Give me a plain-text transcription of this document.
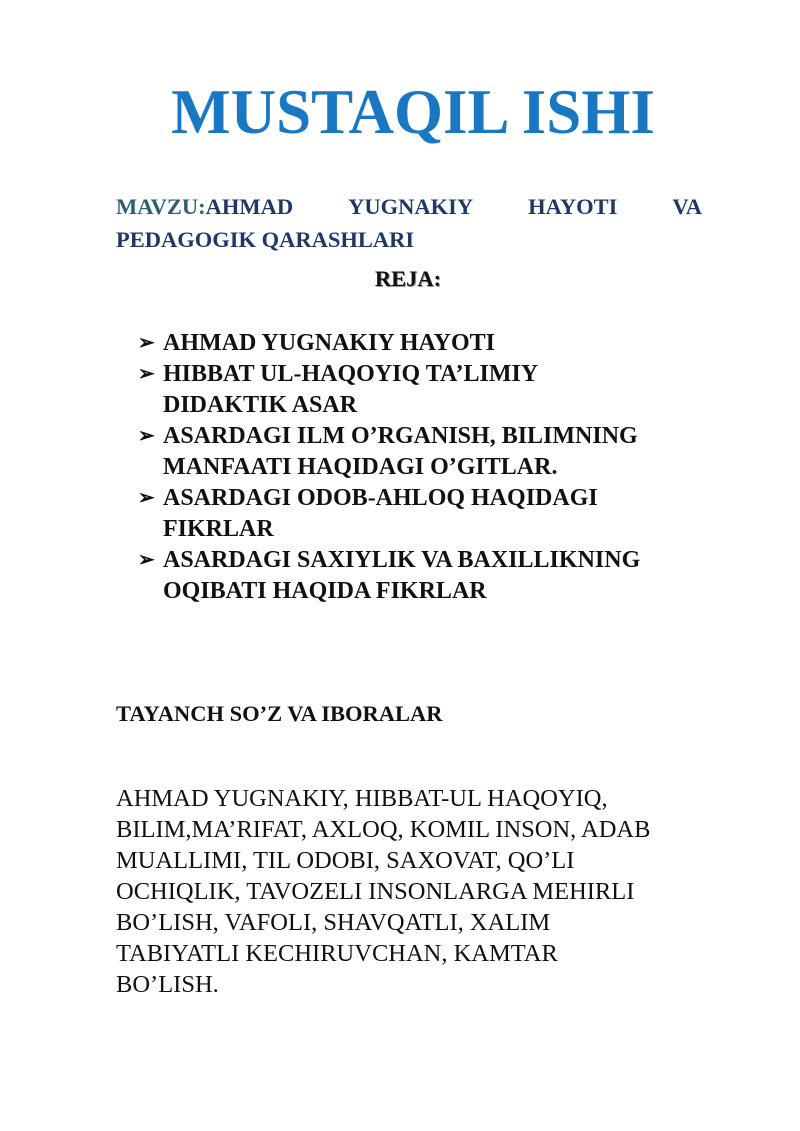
MUSTAQIL ISHI
MAVZU:AHMAD YUGNAKIY HAYOTI VA
PEDAGOGIK QARASHLARI
REJA:
➢ AHMAD YUGNAKIY HAYOTI
➢ HIBBAT UL-HAQOYIQ TA’LIMIY
DIDAKTIK ASAR
➢ ASARDAGI ILM O’RGANISH, BILIMNING
MANFAATI HAQIDAGI O’GITLAR.
➢ ASARDAGI ODOB-AHLOQ HAQIDAGI
FIKRLAR
➢ ASARDAGI SAXIYLIK VA BAXILLIKNING
OQIBATI HAQIDA FIKRLAR
TAYANCH SO’Z VA IBORALAR
AHMAD YUGNAKIY, HIBBAT-UL HAQOYIQ,
BILIM,MA’RIFAT, AXLOQ, KOMIL INSON, ADAB
MUALLIMI, TIL ODOBI, SAXOVAT, QO’LI
OCHIQLIK, TAVOZELI INSONLARGA MEHIRLI
BO’LISH, VAFOLI, SHAVQATLI, XALIM
TABIYATLI KECHIRUVCHAN, KAMTAR
BO’LISH.
